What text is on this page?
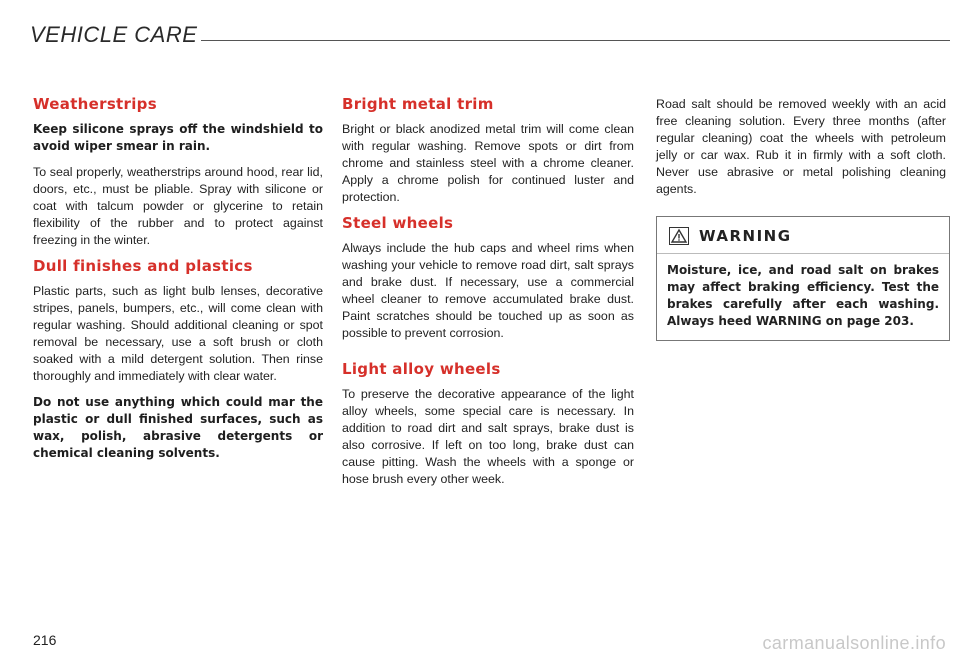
VEHICLE CARE
Weatherstrips

Keep silicone sprays off the windshield to avoid wiper smear in rain.

To seal properly, weatherstrips around hood, rear lid, doors, etc., must be pliable. Spray with silicone or coat with talcum powder or glycerine to retain flexibility of the rubber and to protect against freezing in the winter.

Dull finishes and plastics

Plastic parts, such as light bulb lenses, decorative stripes, panels, bumpers, etc., will come clean with regular washing. Should additional cleaning or spot removal be necessary, use a soft brush or cloth soaked with a mild detergent solution. Then rinse thoroughly and immediately with clear water.

Do not use anything which could mar the plastic or dull finished surfaces, such as wax, polish, abrasive detergents or chemical cleaning solvents.

Bright metal trim

Bright or black anodized metal trim will come clean with regular washing. Remove spots or dirt from chrome and stainless steel with a chrome cleaner. Apply a chrome polish for continued luster and protection.

Steel wheels

Always include the hub caps and wheel rims when washing your vehicle to remove road dirt, salt sprays and brake dust. If necessary, use a commercial wheel cleaner to remove accumulated brake dust. Paint scratches should be touched up as soon as possible to prevent corrosion.

Light alloy wheels

To preserve the decorative appearance of the light alloy wheels, some special care is necessary. In addition to road dirt and salt sprays, brake dust is also corrosive. If left on too long, brake dust can cause pitting. Wash the wheels with a sponge or hose brush every other week.

Road salt should be removed weekly with an acid free cleaning solution. Every three months (after regular cleaning) coat the wheels with petroleum jelly or car wax. Rub it in firmly with a soft cloth. Never use abrasive or metal polishing cleaning agents.

WARNING
Moisture, ice, and road salt on brakes may affect braking efficiency. Test the brakes carefully after each washing. Always heed WARNING on page 203.
216	carmanualsonline.info
